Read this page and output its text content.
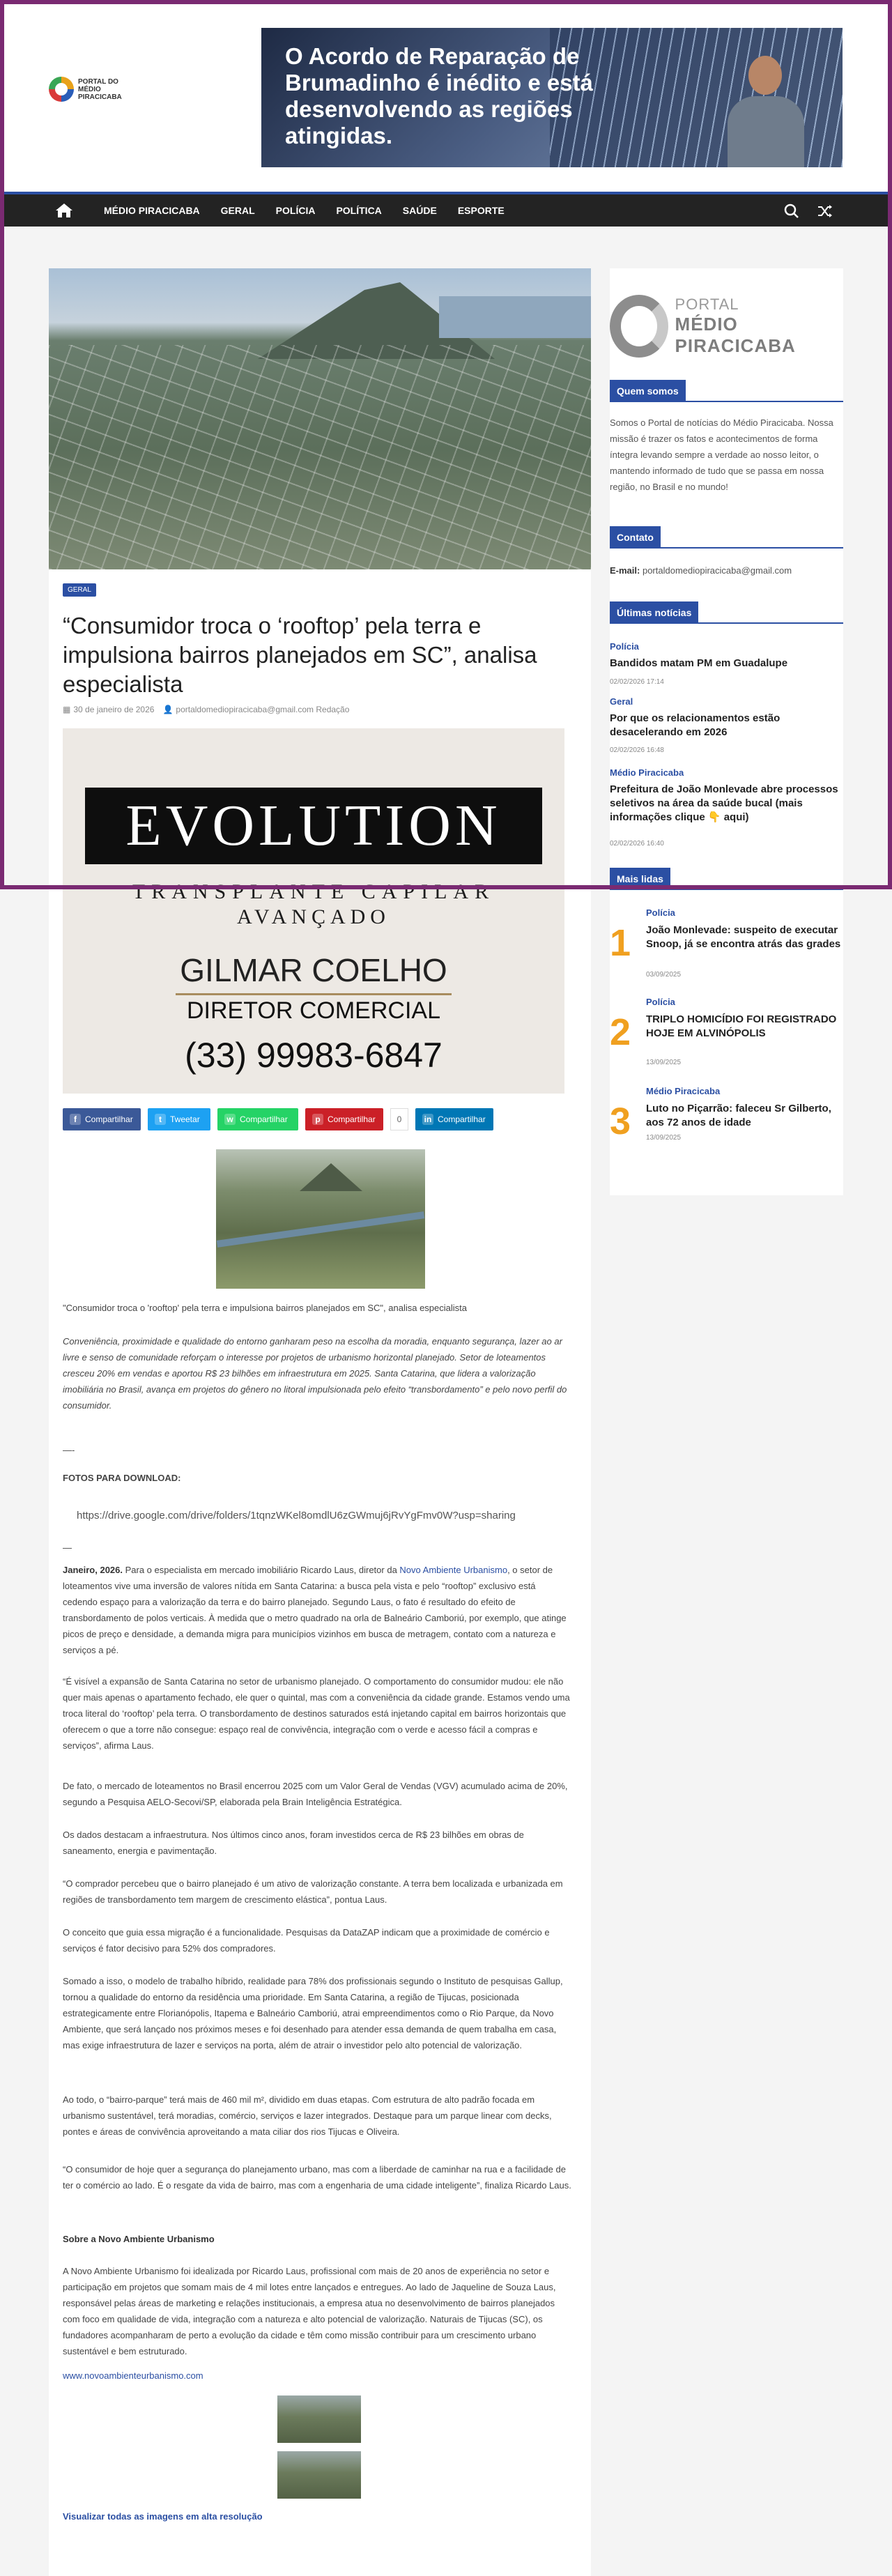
PORTAL DO MÉDIO PIRACICABA
O Acordo de Reparação de Brumadinho é inédito e está desenvolvendo as regiões atingidas.
MÉDIO PIRACICABA	GERAL	POLÍCIA	POLÍTICA	SAÚDE	ESPORTE
GERAL
“Consumidor troca o ‘rooftop’ pela terra e impulsiona bairros planejados em SC”, analisa especialista
▦ 30 de janeiro de 2026 👤 portaldomediopiracicaba@gmail.com Redação
EVOLUTION
TRANSPLANTE CAPILAR
AVANÇADO
GILMAR COELHO
DIRETOR COMERCIAL
(33) 99983-6847
f	Compartilhar	t	Tweetar	w Compartilhar	p Compartilhar	0	in Compartilhar
"Consumidor troca o 'rooftop' pela terra e impulsiona bairros planejados em SC", analisa especialista
Conveniência, proximidade e qualidade do entorno ganharam peso na escolha da moradia, enquanto segurança, lazer ao ar livre e senso de comunidade reforçam o interesse por projetos de urbanismo horizontal planejado. Setor de loteamentos cresceu 20% em vendas e aportou R$ 23 bilhões em infraestrutura em 2025. Santa Catarina, que lidera a valorização imobiliária no Brasil, avança em projetos do gênero no litoral impulsionada pelo efeito “transbordamento” e pelo novo perfil do consumidor.
—-
FOTOS PARA DOWNLOAD:
https://drive.google.com/drive/folders/1tqnzWKel8omdlU6zGWmuj6jRvYgFmv0W?usp=sharing
—
Janeiro, 2026. Para o especialista em mercado imobiliário Ricardo Laus, diretor da Novo Ambiente Urbanismo, o setor de loteamentos vive uma inversão de valores nítida em Santa Catarina: a busca pela vista e pelo “rooftop” exclusivo está cedendo espaço para a valorização da terra e do bairro planejado. Segundo Laus, o fato é resultado do efeito de transbordamento de polos verticais. À medida que o metro quadrado na orla de Balneário Camboriú, por exemplo, que atinge picos de preço e densidade, a demanda migra para municípios vizinhos em busca de metragem, contato com a natureza e serviços a pé.
“É visível a expansão de Santa Catarina no setor de urbanismo planejado. O comportamento do consumidor mudou: ele não quer mais apenas o apartamento fechado, ele quer o quintal, mas com a conveniência da cidade grande. Estamos vendo uma troca literal do ‘rooftop’ pela terra. O transbordamento de destinos saturados está injetando capital em bairros horizontais que oferecem o que a torre não consegue: espaço real de convivência, integração com o verde e acesso fácil a compras e serviços”, afirma Laus.
De fato, o mercado de loteamentos no Brasil encerrou 2025 com um Valor Geral de Vendas (VGV) acumulado acima de 20%, segundo a Pesquisa AELO-Secovi/SP, elaborada pela Brain Inteligência Estratégica.
Os dados destacam a infraestrutura. Nos últimos cinco anos, foram investidos cerca de R$ 23 bilhões em obras de saneamento, energia e pavimentação.
“O comprador percebeu que o bairro planejado é um ativo de valorização constante. A terra bem localizada e urbanizada em regiões de transbordamento tem margem de crescimento elástica”, pontua Laus.
O conceito que guia essa migração é a funcionalidade. Pesquisas da DataZAP indicam que a proximidade de comércio e serviços é fator decisivo para 52% dos compradores.
Somado a isso, o modelo de trabalho híbrido, realidade para 78% dos profissionais segundo o Instituto de pesquisas Gallup, tornou a qualidade do entorno da residência uma prioridade. Em Santa Catarina, a região de Tijucas, posicionada estrategicamente entre Florianópolis, Itapema e Balneário Camboriú, atrai empreendimentos como o Rio Parque, da Novo Ambiente, que será lançado nos próximos meses e foi desenhado para atender essa demanda de quem trabalha em casa, mas exige infraestrutura de lazer e serviços na porta, além de atrair o investidor pelo alto potencial de valorização.
Ao todo, o “bairro-parque” terá mais de 460 mil m², dividido em duas etapas. Com estrutura de alto padrão focada em urbanismo sustentável, terá moradias, comércio, serviços e lazer integrados. Destaque para um parque linear com decks, pontes e áreas de convivência aproveitando a mata ciliar dos rios Tijucas e Oliveira.
“O consumidor de hoje quer a segurança do planejamento urbano, mas com a liberdade de caminhar na rua e a facilidade de ter o comércio ao lado. É o resgate da vida de bairro, mas com a engenharia de uma cidade inteligente”, finaliza Ricardo Laus.
Sobre a Novo Ambiente Urbanismo
A Novo Ambiente Urbanismo foi idealizada por Ricardo Laus, profissional com mais de 20 anos de experiência no setor e participação em projetos que somam mais de 4 mil lotes entre lançados e entregues. Ao lado de Jaqueline de Souza Laus, responsável pelas áreas de marketing e relações institucionais, a empresa atua no desenvolvimento de bairros planejados com foco em qualidade de vida, integração com a natureza e alto potencial de valorização. Naturais de Tijucas (SC), os fundadores acompanharam de perto a evolução da cidade e têm como missão contribuir para um crescimento urbano sustentável e bem estruturado.
www.novoambienteurbanismo.com
Visualizar todas as imagens em alta resolução
PORTAL
MÉDIO PIRACICABA
Quem somos
Somos o Portal de notícias do Médio Piracicaba. Nossa missão é trazer os fatos e acontecimentos de forma íntegra levando sempre a verdade ao nosso leitor, o mantendo informado de tudo que se passa em nossa região, no Brasil e no mundo!
Contato
E-mail: portaldomediopiracicaba@gmail.com
Últimas notícias
Polícia
Bandidos matam PM em Guadalupe
02/02/2026 17:14
Geral
Por que os relacionamentos estão desacelerando em 2026
02/02/2026 16:48
Médio Piracicaba
Prefeitura de João Monlevade abre processos seletivos na área da saúde bucal (mais informações clique 👇 aqui)
02/02/2026 16:40
Mais lidas
1
Polícia
João Monlevade: suspeito de executar Snoop, já se encontra atrás das grades
03/09/2025
2
Polícia
TRIPLO HOMICÍDIO FOI REGISTRADO HOJE EM ALVINÓPOLIS
13/09/2025
3
Médio Piracicaba
Luto no Piçarrão: faleceu Sr Gilberto, aos 72 anos de idade
13/09/2025
